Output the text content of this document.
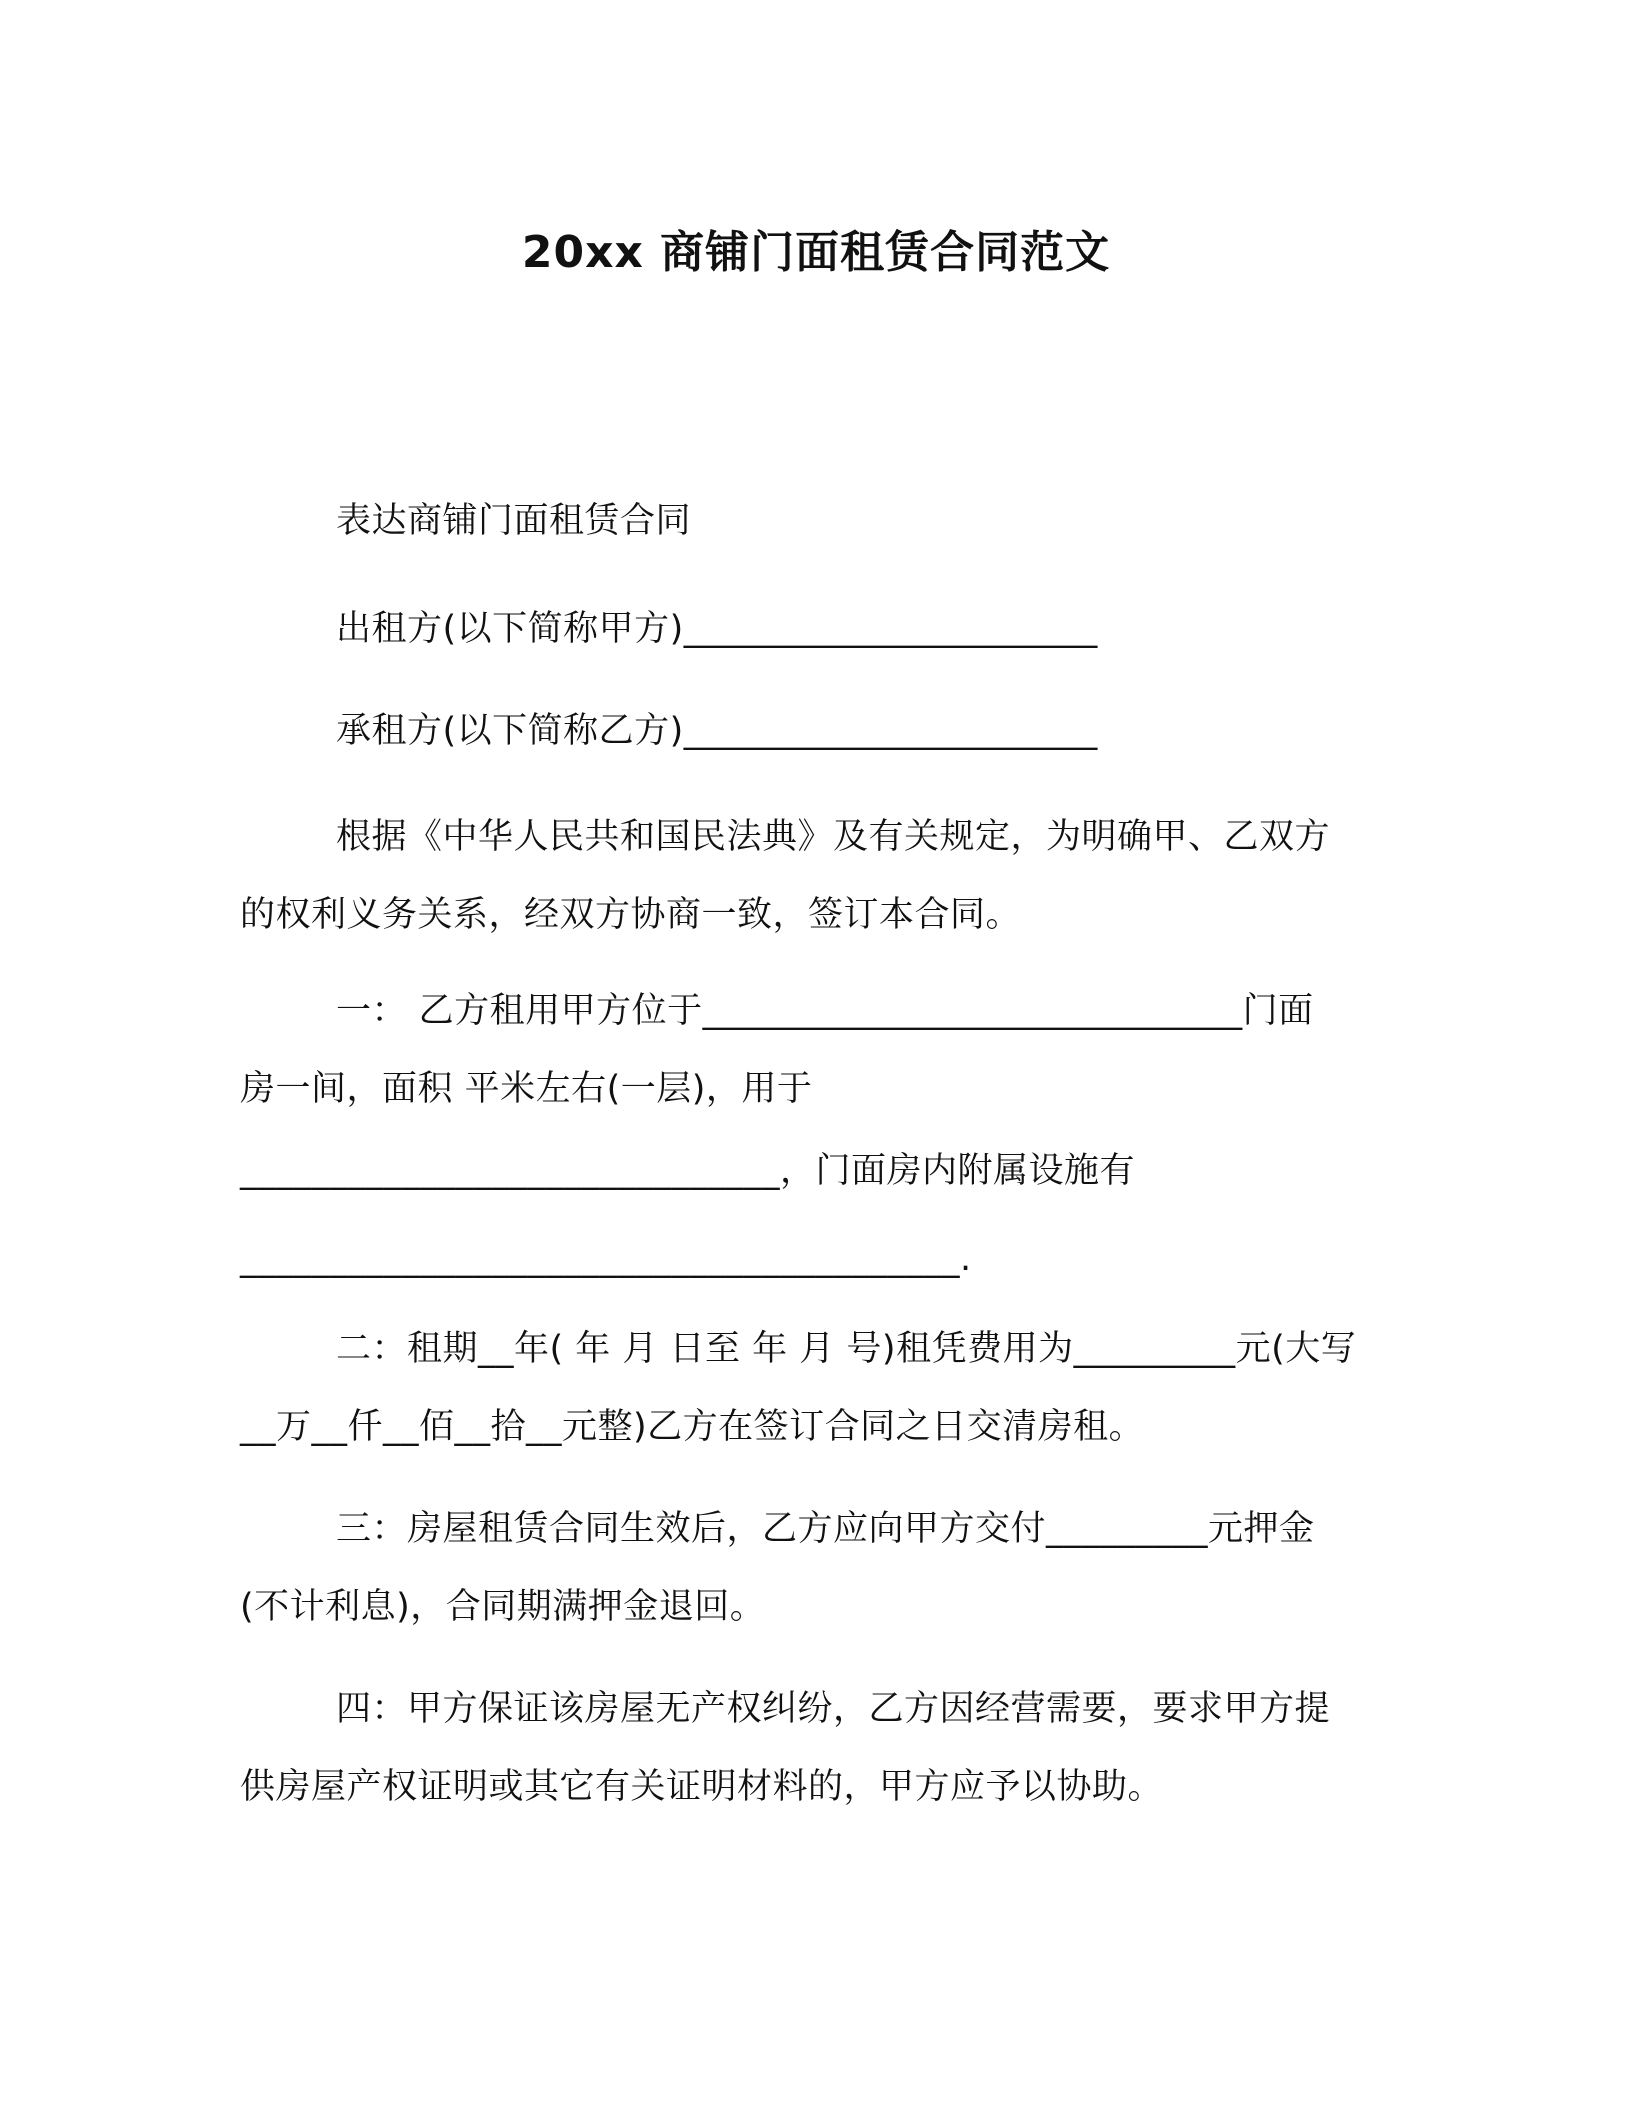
20xx 商铺门面租赁合同范文
表达商铺门面租赁合同
出租方(以下简称甲方)_______________________
承租方(以下简称乙方)_______________________
根据《中华人民共和国民法典》及有关规定，为明确甲、乙双方
的权利义务关系，经双方协商一致，签订本合同。
一： 乙方租用甲方位于______________________________门面
房一间，面积 平米左右(一层)，用于
______________________________，门面房内附属设施有
________________________________________.
二：租期__年( 年 月 日至 年 月 号)租凭费用为_________元(大写
__万__仟__佰__拾__元整)乙方在签订合同之日交清房租。
三：房屋租赁合同生效后，乙方应向甲方交付_________元押金
(不计利息)，合同期满押金退回。
四：甲方保证该房屋无产权纠纷，乙方因经营需要，要求甲方提
供房屋产权证明或其它有关证明材料的，甲方应予以协助。
